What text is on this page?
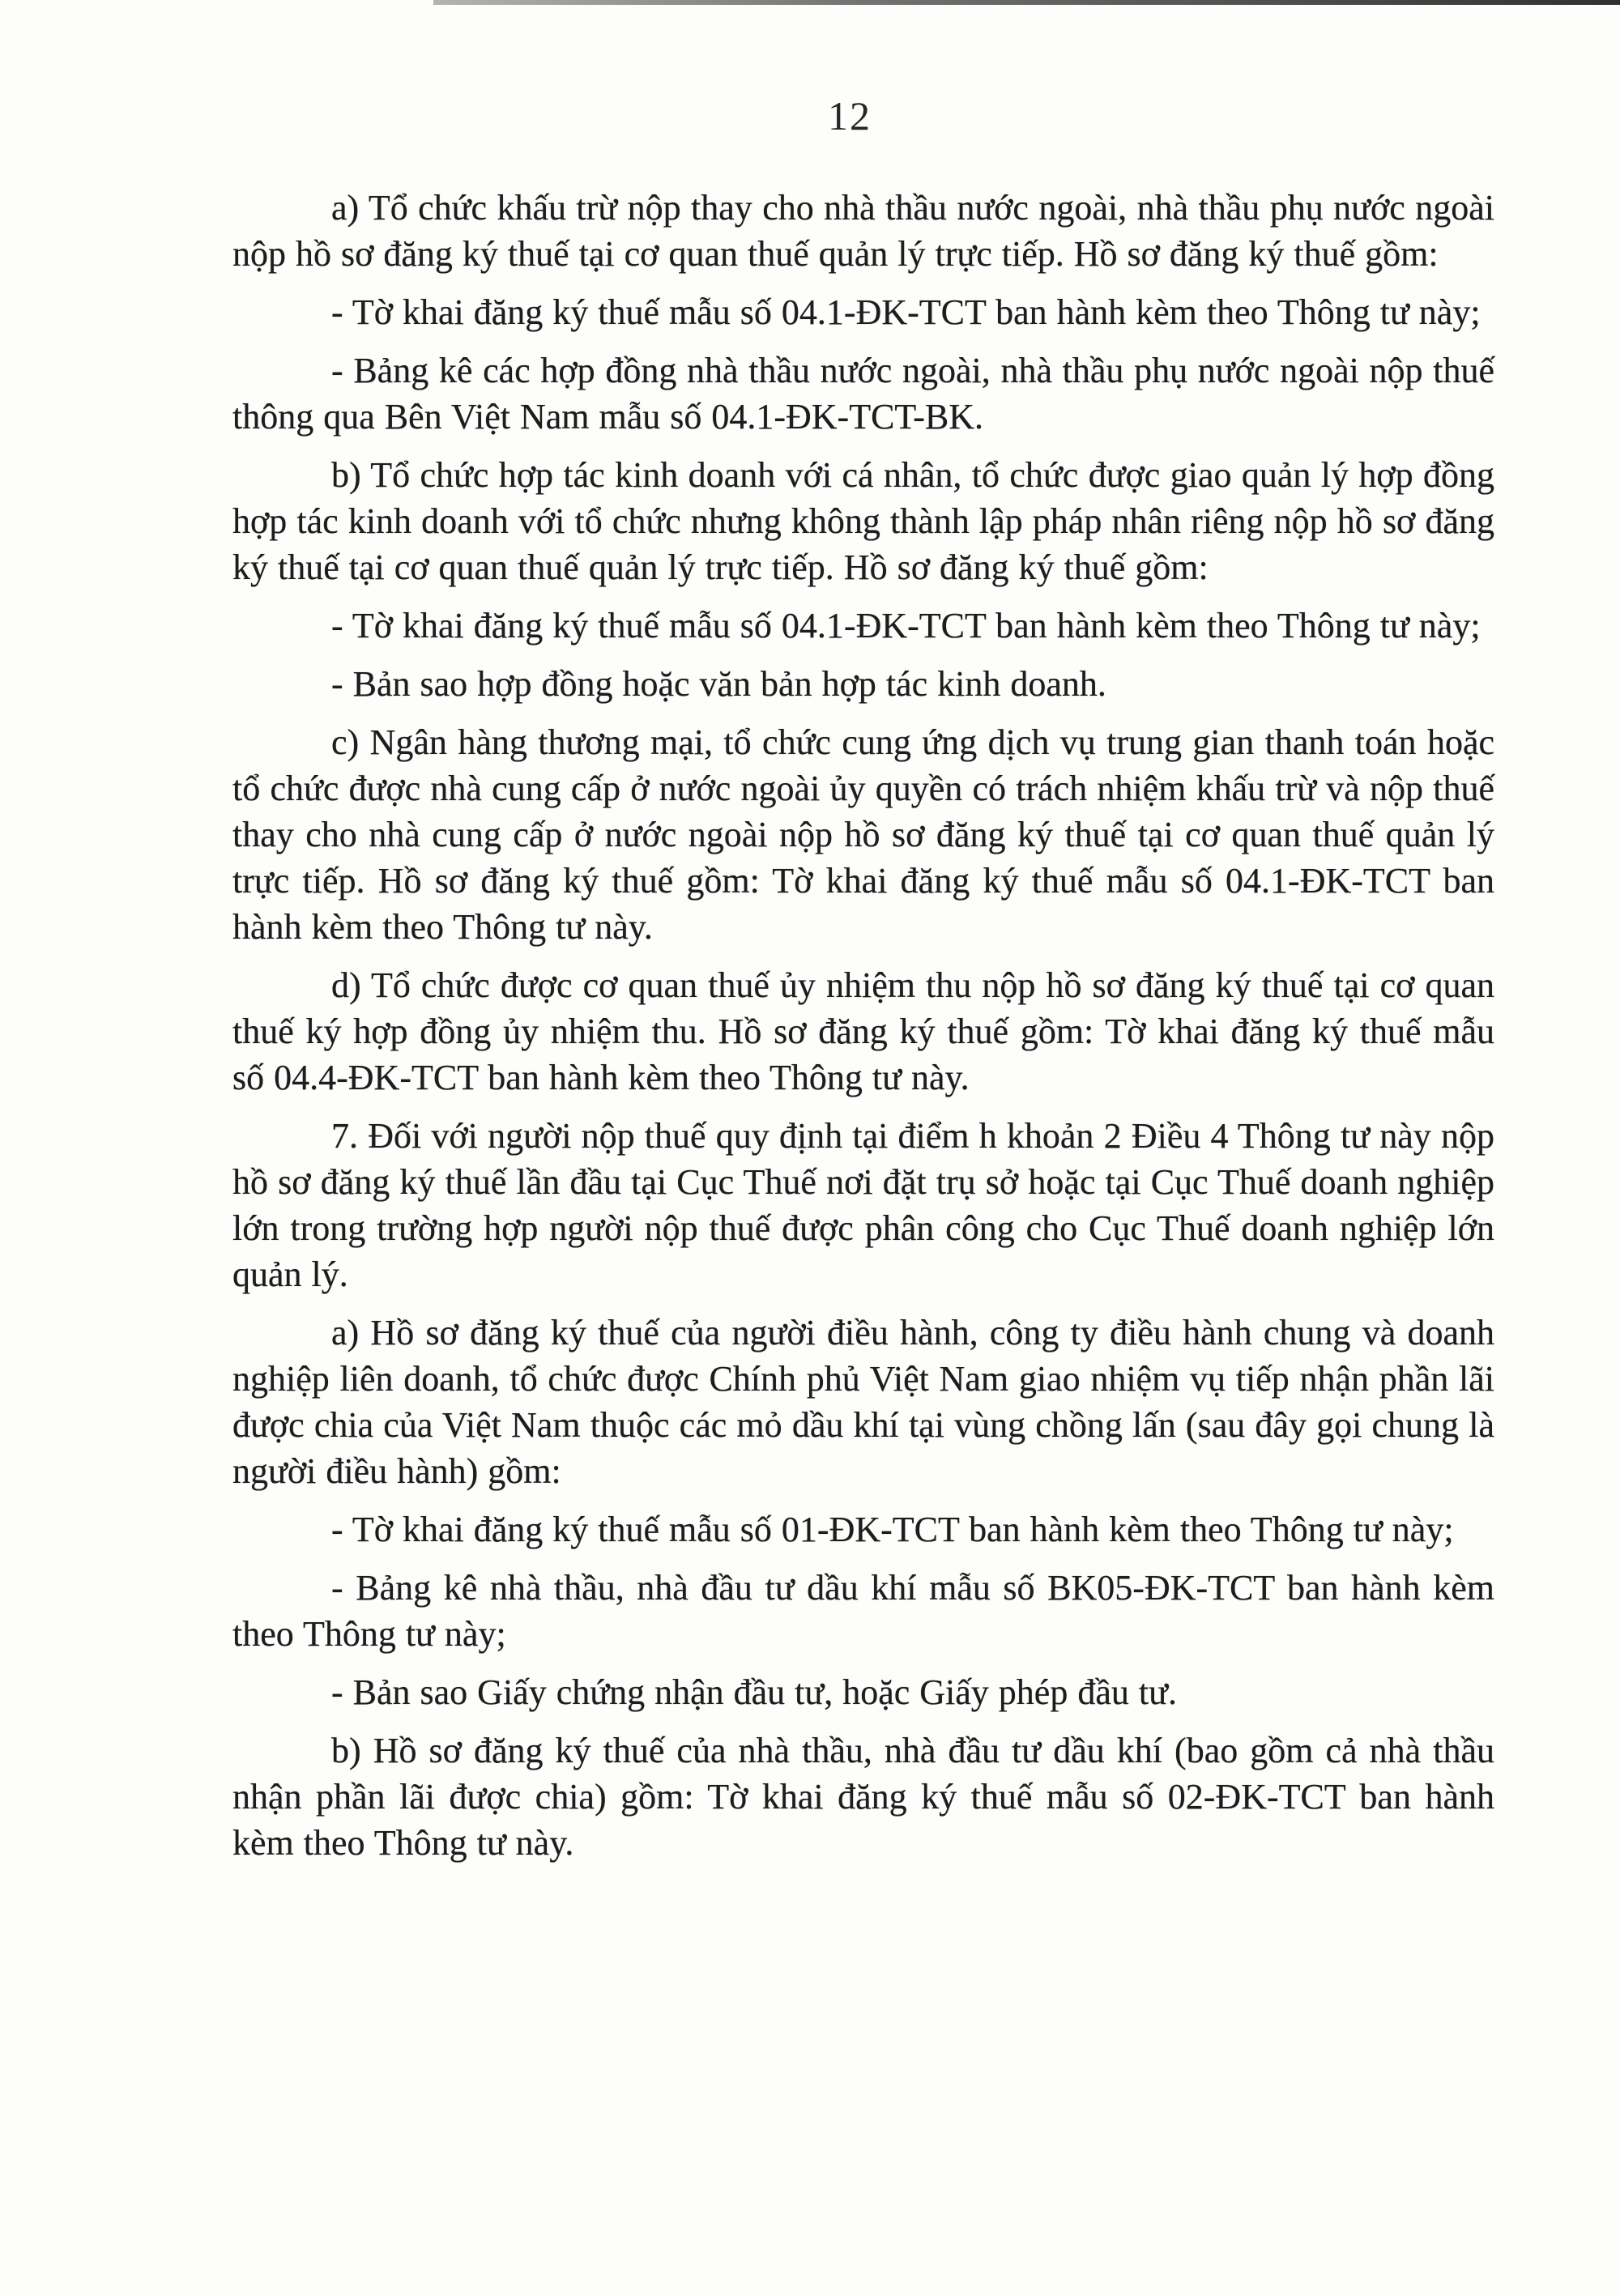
12

a) Tổ chức khấu trừ nộp thay cho nhà thầu nước ngoài, nhà thầu phụ nước ngoài nộp hồ sơ đăng ký thuế tại cơ quan thuế quản lý trực tiếp. Hồ sơ đăng ký thuế gồm:

- Tờ khai đăng ký thuế mẫu số 04.1-ĐK-TCT ban hành kèm theo Thông tư này;

- Bảng kê các hợp đồng nhà thầu nước ngoài, nhà thầu phụ nước ngoài nộp thuế thông qua Bên Việt Nam mẫu số 04.1-ĐK-TCT-BK.

b) Tổ chức hợp tác kinh doanh với cá nhân, tổ chức được giao quản lý hợp đồng hợp tác kinh doanh với tổ chức nhưng không thành lập pháp nhân riêng nộp hồ sơ đăng ký thuế tại cơ quan thuế quản lý trực tiếp. Hồ sơ đăng ký thuế gồm:

- Tờ khai đăng ký thuế mẫu số 04.1-ĐK-TCT ban hành kèm theo Thông tư này;

- Bản sao hợp đồng hoặc văn bản hợp tác kinh doanh.

c) Ngân hàng thương mại, tổ chức cung ứng dịch vụ trung gian thanh toán hoặc tổ chức được nhà cung cấp ở nước ngoài ủy quyền có trách nhiệm khấu trừ và nộp thuế thay cho nhà cung cấp ở nước ngoài nộp hồ sơ đăng ký thuế tại cơ quan thuế quản lý trực tiếp. Hồ sơ đăng ký thuế gồm: Tờ khai đăng ký thuế mẫu số 04.1-ĐK-TCT ban hành kèm theo Thông tư này.

d) Tổ chức được cơ quan thuế ủy nhiệm thu nộp hồ sơ đăng ký thuế tại cơ quan thuế ký hợp đồng ủy nhiệm thu. Hồ sơ đăng ký thuế gồm: Tờ khai đăng ký thuế mẫu số 04.4-ĐK-TCT ban hành kèm theo Thông tư này.

7. Đối với người nộp thuế quy định tại điểm h khoản 2 Điều 4 Thông tư này nộp hồ sơ đăng ký thuế lần đầu tại Cục Thuế nơi đặt trụ sở hoặc tại Cục Thuế doanh nghiệp lớn trong trường hợp người nộp thuế được phân công cho Cục Thuế doanh nghiệp lớn quản lý.

a) Hồ sơ đăng ký thuế của người điều hành, công ty điều hành chung và doanh nghiệp liên doanh, tổ chức được Chính phủ Việt Nam giao nhiệm vụ tiếp nhận phần lãi được chia của Việt Nam thuộc các mỏ dầu khí tại vùng chồng lấn (sau đây gọi chung là người điều hành) gồm:

- Tờ khai đăng ký thuế mẫu số 01-ĐK-TCT ban hành kèm theo Thông tư này;

- Bảng kê nhà thầu, nhà đầu tư dầu khí mẫu số BK05-ĐK-TCT ban hành kèm theo Thông tư này;

- Bản sao Giấy chứng nhận đầu tư, hoặc Giấy phép đầu tư.

b) Hồ sơ đăng ký thuế của nhà thầu, nhà đầu tư dầu khí (bao gồm cả nhà thầu nhận phần lãi được chia) gồm: Tờ khai đăng ký thuế mẫu số 02-ĐK-TCT ban hành kèm theo Thông tư này.
